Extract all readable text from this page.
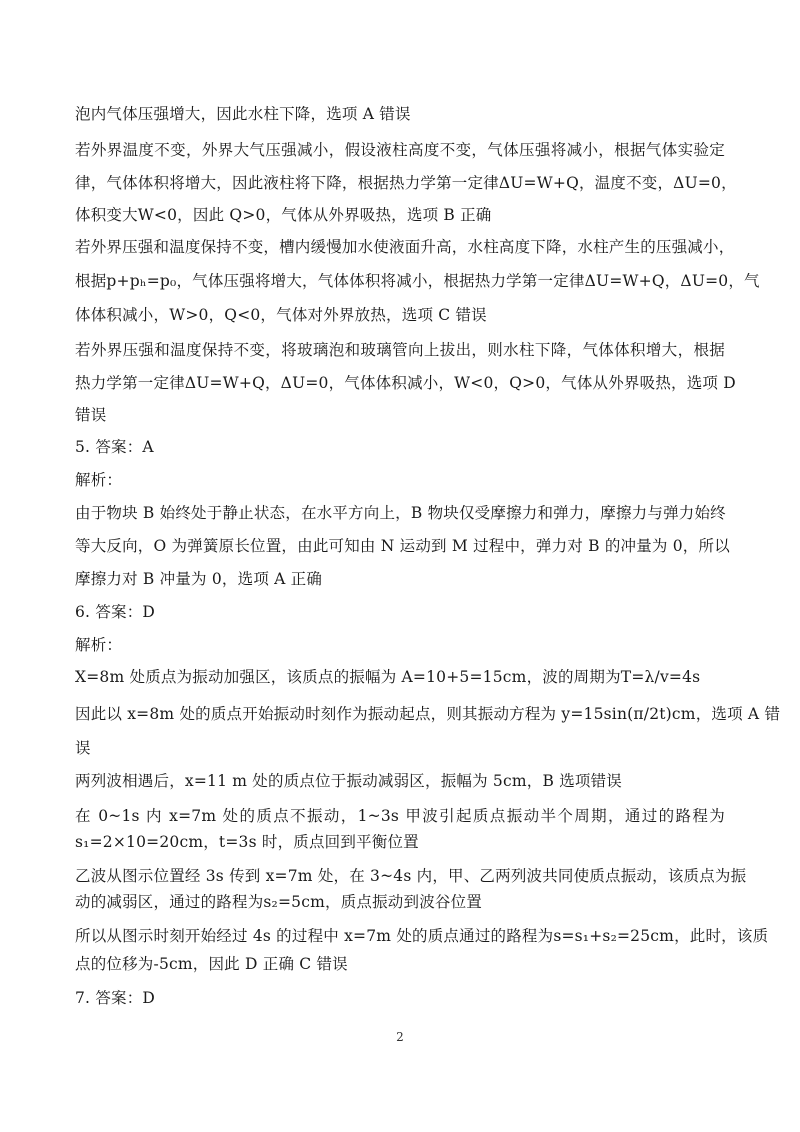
泡内气体压强增大，因此水柱下降，选项 A 错误
若外界温度不变，外界大气压强减小，假设液柱高度不变，气体压强将减小，根据气体实验定
律，气体体积将增大，因此液柱将下降，根据热力学第一定律ΔU=W+Q，温度不变，ΔU=0，
体积变大W<0，因此 Q>0，气体从外界吸热，选项 B 正确
若外界压强和温度保持不变，槽内缓慢加水使液面升高，水柱高度下降，水柱产生的压强减小，
根据p+pₕ=p₀，气体压强将增大，气体体积将减小，根据热力学第一定律ΔU=W+Q，ΔU=0，气
体体积减小，W>0，Q<0，气体对外界放热，选项 C 错误
若外界压强和温度保持不变，将玻璃泡和玻璃管向上拔出，则水柱下降，气体体积增大，根据
热力学第一定律ΔU=W+Q，ΔU=0，气体体积减小，W<0，Q>0，气体从外界吸热，选项 D
错误
5. 答案：A
解析：
由于物块 B 始终处于静止状态，在水平方向上，B 物块仅受摩擦力和弹力，摩擦力与弹力始终
等大反向，O 为弹簧原长位置，由此可知由 N 运动到 M 过程中，弹力对 B 的冲量为 0，所以
摩擦力对 B 冲量为 0，选项 A 正确
6. 答案：D
解析：
X=8m 处质点为振动加强区，该质点的振幅为 A=10+5=15cm，波的周期为T=λ/v=4s
因此以 x=8m 处的质点开始振动时刻作为振动起点，则其振动方程为 y=15sin(π/2t)cm，选项 A 错
误
两列波相遇后，x=11 m 处的质点位于振动减弱区，振幅为 5cm，B 选项错误
在 0~1s 内 x=7m 处的质点不振动，1~3s 甲波引起质点振动半个周期，通过的路程为
s₁=2×10=20cm，t=3s 时，质点回到平衡位置
乙波从图示位置经 3s 传到 x=7m 处，在 3~4s 内，甲、乙两列波共同使质点振动，该质点为振
动的减弱区，通过的路程为s₂=5cm，质点振动到波谷位置
所以从图示时刻开始经过 4s 的过程中 x=7m 处的质点通过的路程为s=s₁+s₂=25cm，此时，该质
点的位移为-5cm，因此 D 正确 C 错误
7. 答案：D
2
